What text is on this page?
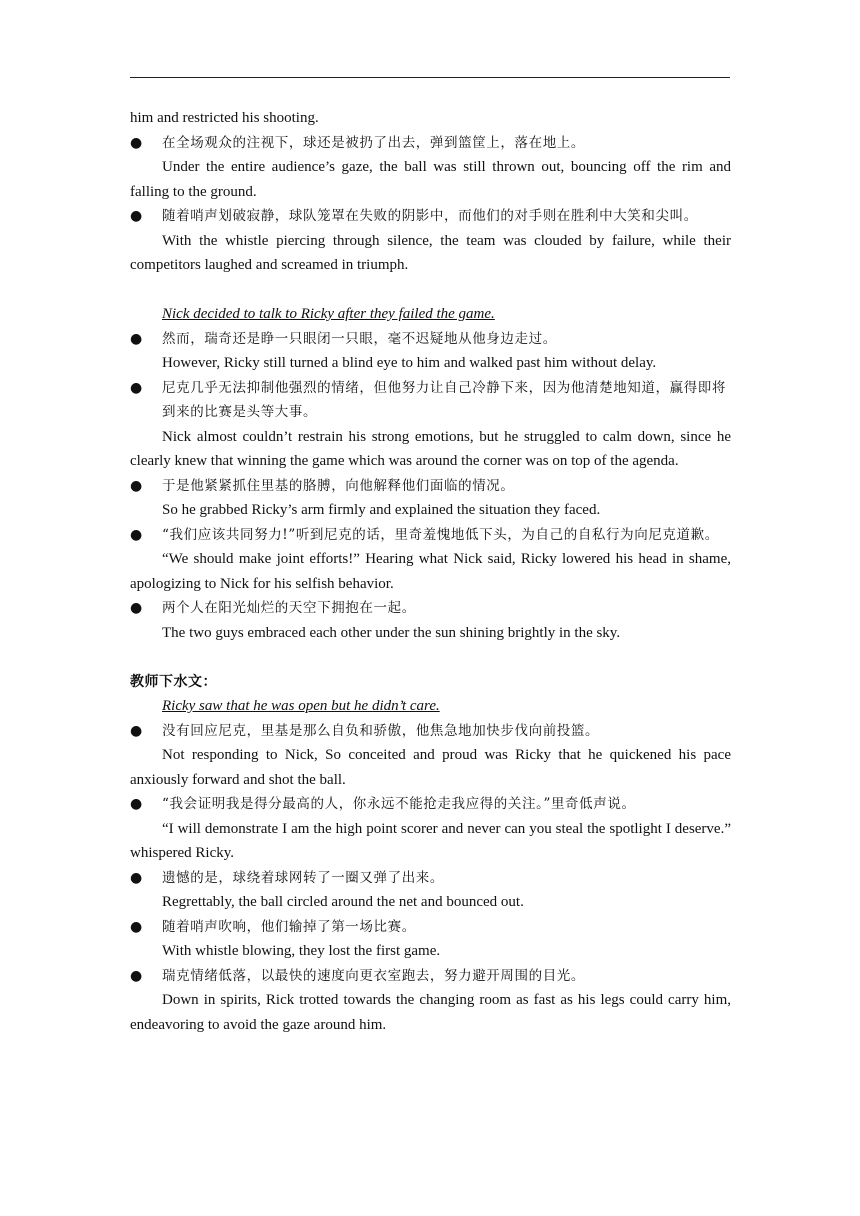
him and restricted his shooting.
● 在全场观众的注视下，球还是被扔了出去，弹到篮筐上，落在地上。
Under the entire audience’s gaze, the ball was still thrown out, bouncing off the rim and falling to the ground.
● 随着哨声划破寂静，球队笼罩在失败的阴影中，而他们的对手则在胜利中大笑和尖叫。
With the whistle piercing through silence, the team was clouded by failure, while their competitors laughed and screamed in triumph.
Nick decided to talk to Ricky after they failed the game.
● 然而，瑞奇还是睁一只眼闭一只眼，毫不迟疑地从他身边走过。
However, Ricky still turned a blind eye to him and walked past him without delay.
● 尼克几乎无法抑制他强烈的情绪，但他努力让自己冷静下来，因为他清楚地知道，赢得即将到来的比赛是头等大事。
Nick almost couldn’t restrain his strong emotions, but he struggled to calm down, since he clearly knew that winning the game which was around the corner was on top of the agenda.
● 于是他紧紧抓住里基的胳膊，向他解释他们面临的情况。
So he grabbed Ricky’s arm firmly and explained the situation they faced.
● “我们应该共同努力!”听到尼克的话，里奇羞愧地低下头，为自己的自私行为向尼克道歉。
“We should make joint efforts!” Hearing what Nick said, Ricky lowered his head in shame, apologizing to Nick for his selfish behavior.
● 两个人在阳光灿烂的天空下拥抱在一起。
The two guys embraced each other under the sun shining brightly in the sky.
教师下水文：
Ricky saw that he was open but he didn’t care.
● 没有回应尼克，里基是那么自负和骄傲，他焦急地加快步伐向前投篮。
Not responding to Nick, So conceited and proud was Ricky that he quickened his pace anxiously forward and shot the ball.
● “我会证明我是得分最高的人，你永远不能抢走我应得的关注。”里奇低声说。
“I will demonstrate I am the high point scorer and never can you steal the spotlight I deserve.” whispered Ricky.
● 遗憾的是，球绕着球网转了一圈又弹了出来。
Regrettably, the ball circled around the net and bounced out.
● 随着哨声吹响，他们输掉了第一场比赛。
With whistle blowing, they lost the first game.
● 瑞克情绪低落，以最快的速度向更衣室跑去，努力避开周围的目光。
Down in spirits, Rick trotted towards the changing room as fast as his legs could carry him, endeavoring to avoid the gaze around him.
